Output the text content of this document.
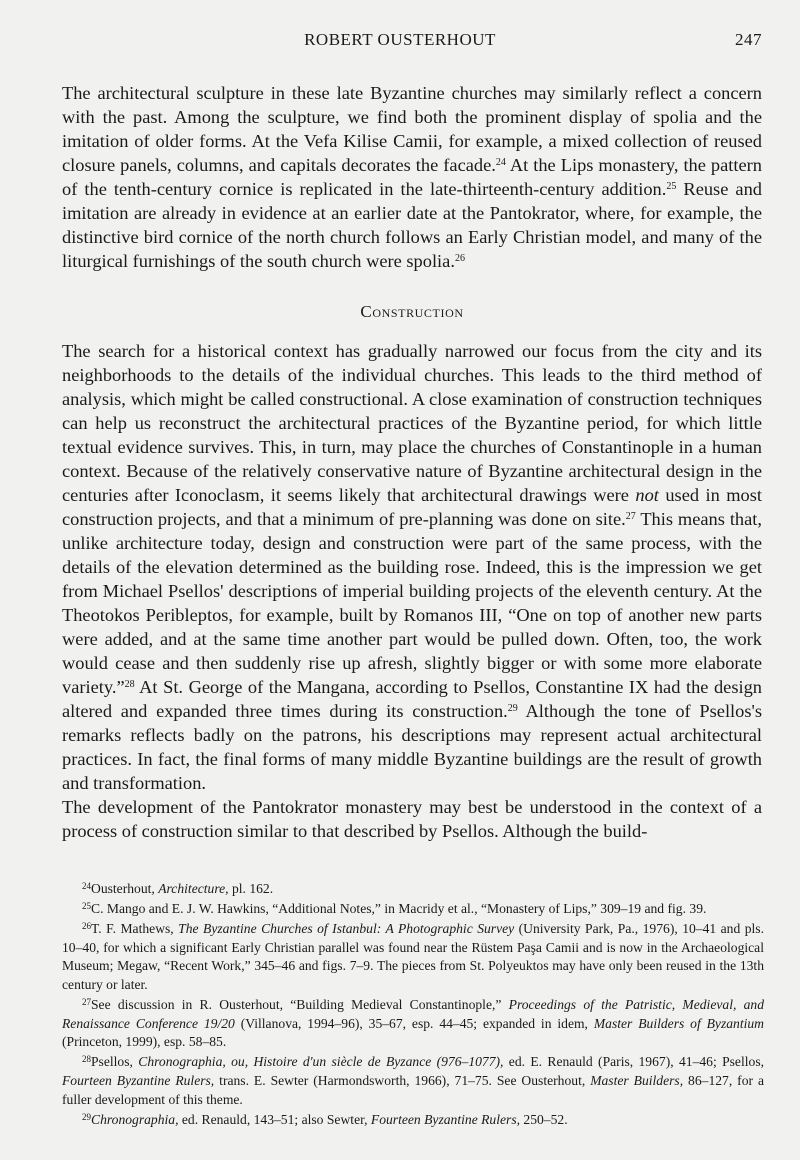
ROBERT OUSTERHOUT	247

The architectural sculpture in these late Byzantine churches may similarly reflect a concern with the past. Among the sculpture, we find both the prominent display of spolia and the imitation of older forms. At the Vefa Kilise Camii, for example, a mixed collection of reused closure panels, columns, and capitals decorates the facade.$^{24}$ At the Lips monastery, the pattern of the tenth-century cornice is replicated in the late-thirteenth-century addition.$^{25}$ Reuse and imitation are already in evidence at an earlier date at the Pantokrator, where, for example, the distinctive bird cornice of the north church follows an Early Christian model, and many of the liturgical furnishings of the south church were spolia.$^{26}$

Construction

The search for a historical context has gradually narrowed our focus from the city and its neighborhoods to the details of the individual churches. This leads to the third method of analysis, which might be called constructional. A close examination of construction techniques can help us reconstruct the architectural practices of the Byzantine period, for which little textual evidence survives. This, in turn, may place the churches of Constantinople in a human context. Because of the relatively conservative nature of Byzantine architectural design in the centuries after Iconoclasm, it seems likely that architectural drawings were not used in most construction projects, and that a minimum of pre-planning was done on site.$^{27}$ This means that, unlike architecture today, design and construction were part of the same process, with the details of the elevation determined as the building rose. Indeed, this is the impression we get from Michael Psellos' descriptions of imperial building projects of the eleventh century. At the Theotokos Peribleptos, for example, built by Romanos III, “One on top of another new parts were added, and at the same time another part would be pulled down. Often, too, the work would cease and then suddenly rise up afresh, slightly bigger or with some more elaborate variety.”$^{28}$ At St. George of the Mangana, according to Psellos, Constantine IX had the design altered and expanded three times during its construction.$^{29}$ Although the tone of Psellos's remarks reflects badly on the patrons, his descriptions may represent actual architectural practices. In fact, the final forms of many middle Byzantine buildings are the result of growth and transformation.

The development of the Pantokrator monastery may best be understood in the context of a process of construction similar to that described by Psellos. Although the build-

$^{24}$Ousterhout, Architecture, pl. 162.

$^{25}$C. Mango and E. J. W. Hawkins, “Additional Notes,” in Macridy et al., “Monastery of Lips,” 309–19 and fig. 39.

$^{26}$T. F. Mathews, The Byzantine Churches of Istanbul: A Photographic Survey (University Park, Pa., 1976), 10–41 and pls. 10–40, for which a significant Early Christian parallel was found near the Rüstem Paşa Camii and is now in the Archaeological Museum; Megaw, “Recent Work,” 345–46 and figs. 7–9. The pieces from St. Polyeuktos may have only been reused in the 13th century or later.

$^{27}$See discussion in R. Ousterhout, “Building Medieval Constantinople,” Proceedings of the Patristic, Medieval, and Renaissance Conference 19/20 (Villanova, 1994–96), 35–67, esp. 44–45; expanded in idem, Master Builders of Byzantium (Princeton, 1999), esp. 58–85.

$^{28}$Psellos, Chronographia, ou, Histoire d'un siècle de Byzance (976–1077), ed. E. Renauld (Paris, 1967), 41–46; Psellos, Fourteen Byzantine Rulers, trans. E. Sewter (Harmondsworth, 1966), 71–75. See Ousterhout, Master Builders, 86–127, for a fuller development of this theme.

$^{29}$Chronographia, ed. Renauld, 143–51; also Sewter, Fourteen Byzantine Rulers, 250–52.
